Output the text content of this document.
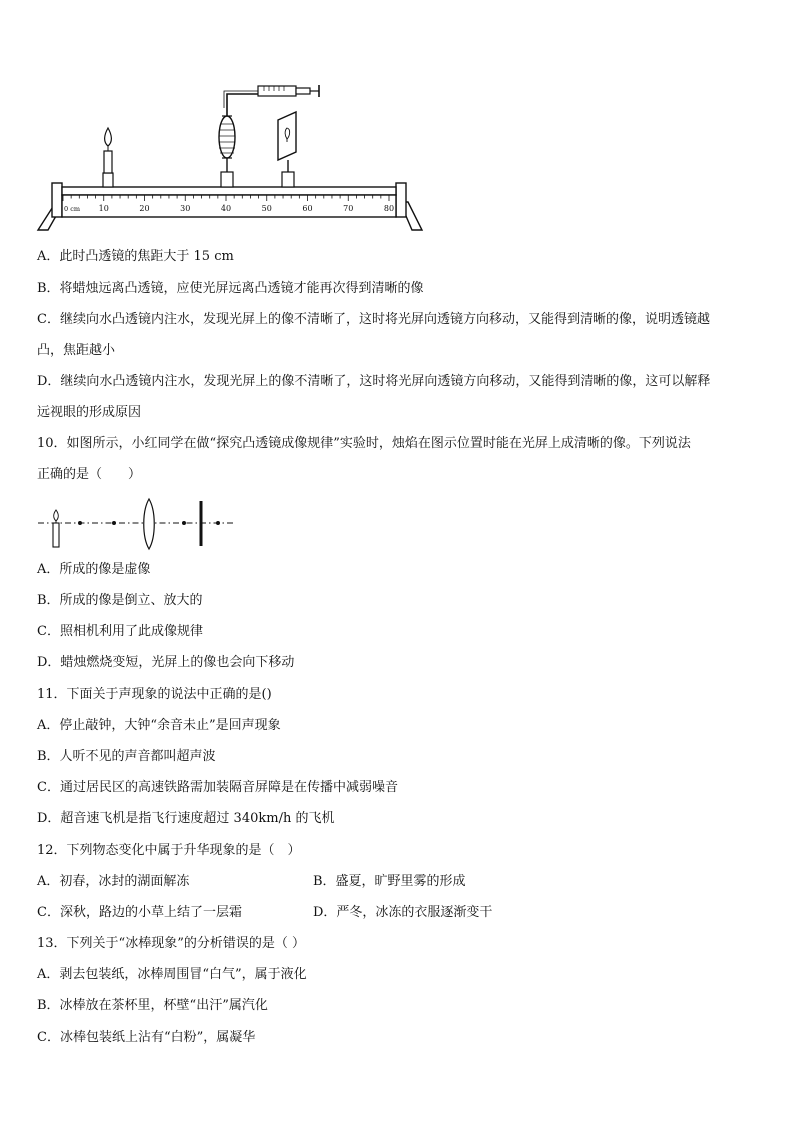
0 cm 10	20	30	40	50	60	70	80
A．此时凸透镜的焦距大于 15 cm
B．将蜡烛远离凸透镜，应使光屏远离凸透镜才能再次得到清晰的像
C．继续向水凸透镜内注水，发现光屏上的像不清晰了，这时将光屏向透镜方向移动，又能得到清晰的像，说明透镜越
凸，焦距越小
D．继续向水凸透镜内注水，发现光屏上的像不清晰了，这时将光屏向透镜方向移动，又能得到清晰的像，这可以解释
远视眼的形成原因
10．如图所示，小红同学在做“探究凸透镜成像规律”实验时，烛焰在图示位置时能在光屏上成清晰的像。下列说法
正确的是（　　）
A．所成的像是虚像
B．所成的像是倒立、放大的
C．照相机利用了此成像规律
D．蜡烛燃烧变短，光屏上的像也会向下移动
11．下面关于声现象的说法中正确的是()
A．停止敲钟，大钟“余音未止”是回声现象
B．人听不见的声音都叫超声波
C．通过居民区的高速铁路需加装隔音屏障是在传播中减弱噪音
D．超音速飞机是指飞行速度超过 340km/h 的飞机
12．下列物态变化中属于升华现象的是（　）
A．初春，冰封的湖面解冻	B．盛夏，旷野里雾的形成
C．深秋，路边的小草上结了一层霜	D．严冬，冰冻的衣服逐渐变干
13．下列关于“冰棒现象”的分析错误的是（ ）
A．剥去包装纸，冰棒周围冒“白气”，属于液化
B．冰棒放在茶杯里，杯壁“出汗”属汽化
C．冰棒包装纸上沾有“白粉”，属凝华
